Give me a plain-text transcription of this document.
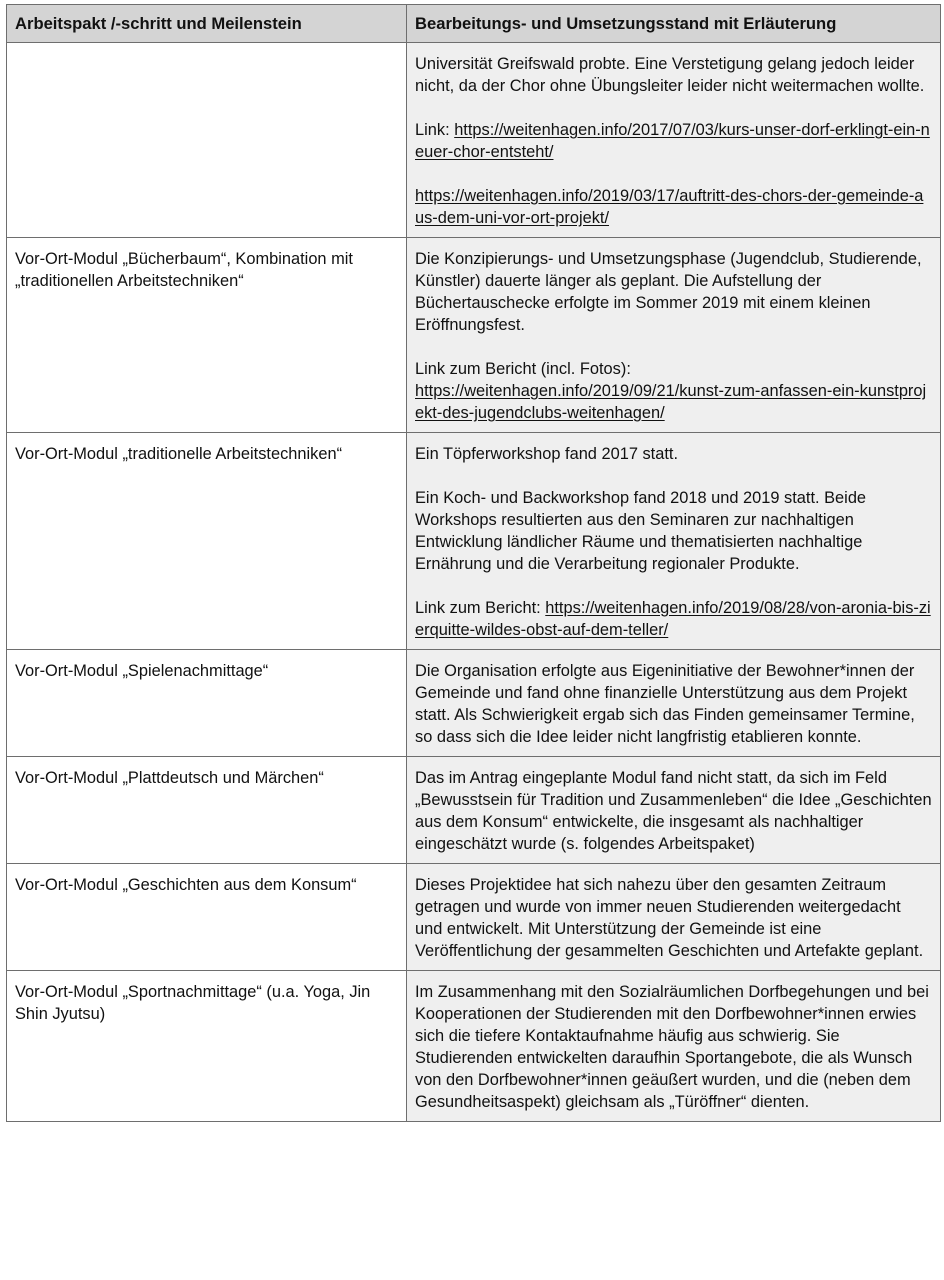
Arbeitspakt /-schritt und Meilenstein	Bearbeitungs- und Umsetzungsstand mit Erläuterung

	Universität Greifswald probte. Eine Verstetigung gelang jedoch leider nicht, da der Chor ohne Übungsleiter leider nicht weitermachen wollte.

Link: https://weitenhagen.info/2017/07/03/kurs-unser-dorf-erklingt-ein-neuer-chor-entsteht/

https://weitenhagen.info/2019/03/17/auftritt-des-chors-der-gemeinde-aus-dem-uni-vor-ort-projekt/

Vor-Ort-Modul „Bücherbaum“, Kombination mit „traditionellen Arbeitstechniken“	Die Konzipierungs- und Umsetzungsphase (Jugendclub, Studierende, Künstler) dauerte länger als geplant. Die Aufstellung der Büchertauschecke erfolgte im Sommer 2019 mit einem kleinen Eröffnungsfest.

Link zum Bericht (incl. Fotos):
https://weitenhagen.info/2019/09/21/kunst-zum-anfassen-ein-kunstprojekt-des-jugendclubs-weitenhagen/

Vor-Ort-Modul „traditionelle Arbeitstechniken“	Ein Töpferworkshop fand 2017 statt.

Ein Koch- und Backworkshop fand 2018 und 2019 statt. Beide Workshops resultierten aus den Seminaren zur nachhaltigen Entwicklung ländlicher Räume und thematisierten nachhaltige Ernährung und die Verarbeitung regionaler Produkte.

Link zum Bericht: https://weitenhagen.info/2019/08/28/von-aronia-bis-zierquitte-wildes-obst-auf-dem-teller/

Vor-Ort-Modul „Spielenachmittage“	Die Organisation erfolgte aus Eigeninitiative der Bewohner*innen der Gemeinde und fand ohne finanzielle Unterstützung aus dem Projekt statt. Als Schwierigkeit ergab sich das Finden gemeinsamer Termine, so dass sich die Idee leider nicht langfristig etablieren konnte.

Vor-Ort-Modul „Plattdeutsch und Märchen“	Das im Antrag eingeplante Modul fand nicht statt, da sich im Feld „Bewusstsein für Tradition und Zusammenleben“ die Idee „Geschichten aus dem Konsum“ entwickelte, die insgesamt als nachhaltiger eingeschätzt wurde (s. folgendes Arbeitspaket)

Vor-Ort-Modul „Geschichten aus dem Konsum“	Dieses Projektidee hat sich nahezu über den gesamten Zeitraum getragen und wurde von immer neuen Studierenden weitergedacht und entwickelt. Mit Unterstützung der Gemeinde ist eine Veröffentlichung der gesammelten Geschichten und Artefakte geplant.

Vor-Ort-Modul „Sportnachmittage“ (u.a. Yoga, Jin Shin Jyutsu)	Im Zusammenhang mit den Sozialräumlichen Dorfbegehungen und bei Kooperationen der Studierenden mit den Dorfbewohner*innen erwies sich die tiefere Kontaktaufnahme häufig aus schwierig. Sie Studierenden entwickelten daraufhin Sportangebote, die als Wunsch von den Dorfbewohner*innen geäußert wurden, und die (neben dem Gesundheitsaspekt) gleichsam als „Türöffner“ dienten.
